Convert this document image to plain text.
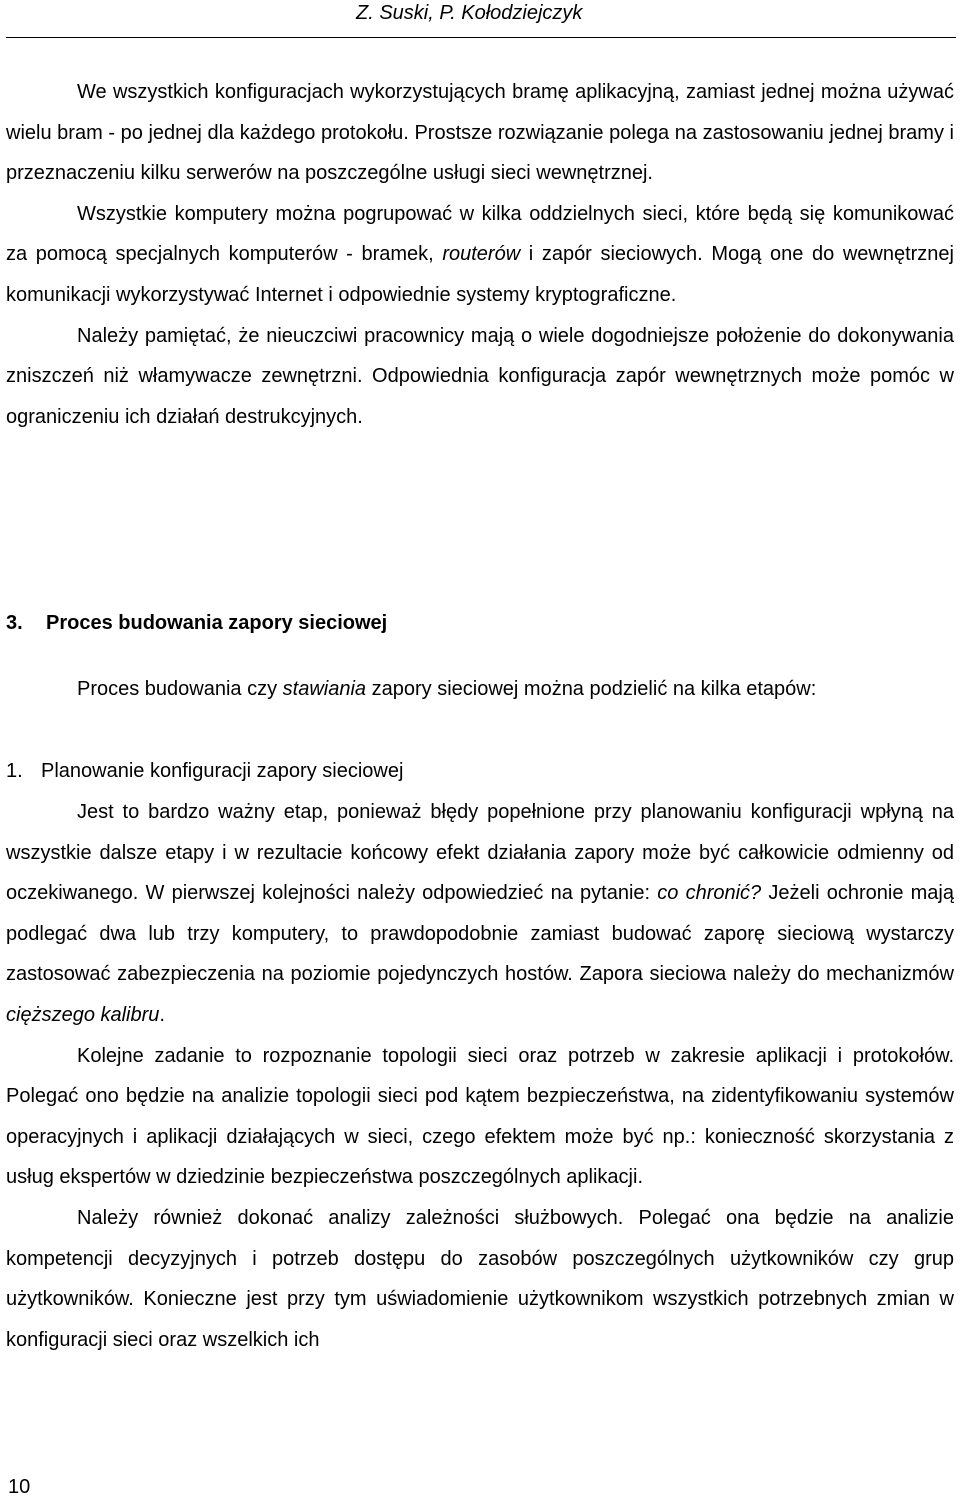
Z. Suski, P. Kołodziejczyk

We wszystkich konfiguracjach wykorzystujących bramę aplikacyjną, zamiast jednej można używać wielu bram - po jednej dla każdego protokołu. Prostsze rozwiązanie polega na zastosowaniu jednej bramy i przeznaczeniu kilku serwerów na poszczególne usługi sieci wewnętrznej.

Wszystkie komputery można pogrupować w kilka oddzielnych sieci, które będą się komunikować za pomocą specjalnych komputerów - bramek, routerów i zapór sieciowych. Mogą one do wewnętrznej komunikacji wykorzystywać Internet i odpowiednie systemy kryptograficzne.

Należy pamiętać, że nieuczciwi pracownicy mają o wiele dogodniejsze położenie do dokonywania zniszczeń niż włamywacze zewnętrzni. Odpowiednia konfiguracja zapór wewnętrznych może pomóc w ograniczeniu ich działań destrukcyjnych.

3. Proces budowania zapory sieciowej
Proces budowania czy stawiania zapory sieciowej można podzielić na kilka etapów:
1. Planowanie konfiguracji zapory sieciowej

Jest to bardzo ważny etap, ponieważ błędy popełnione przy planowaniu konfiguracji wpłyną na wszystkie dalsze etapy i w rezultacie końcowy efekt działania zapory może być całkowicie odmienny od oczekiwanego. W pierwszej kolejności należy odpowiedzieć na pytanie: co chronić? Jeżeli ochronie mają podlegać dwa lub trzy komputery, to prawdopodobnie zamiast budować zaporę sieciową wystarczy zastosować zabezpieczenia na poziomie pojedynczych hostów. Zapora sieciowa należy do mechanizmów cięższego kalibru.

Kolejne zadanie to rozpoznanie topologii sieci oraz potrzeb w zakresie aplikacji i protokołów. Polegać ono będzie na analizie topologii sieci pod kątem bezpieczeństwa, na zidentyfikowaniu systemów operacyjnych i aplikacji działających w sieci, czego efektem może być np.: konieczność skorzystania z usług ekspertów w dziedzinie bezpieczeństwa poszczególnych aplikacji.

Należy również dokonać analizy zależności służbowych. Polegać ona będzie na analizie kompetencji decyzyjnych i potrzeb dostępu do zasobów poszczególnych użytkowników czy grup użytkowników. Konieczne jest przy tym uświadomienie użytkownikom wszystkich potrzebnych zmian w konfiguracji sieci oraz wszelkich ich

10
